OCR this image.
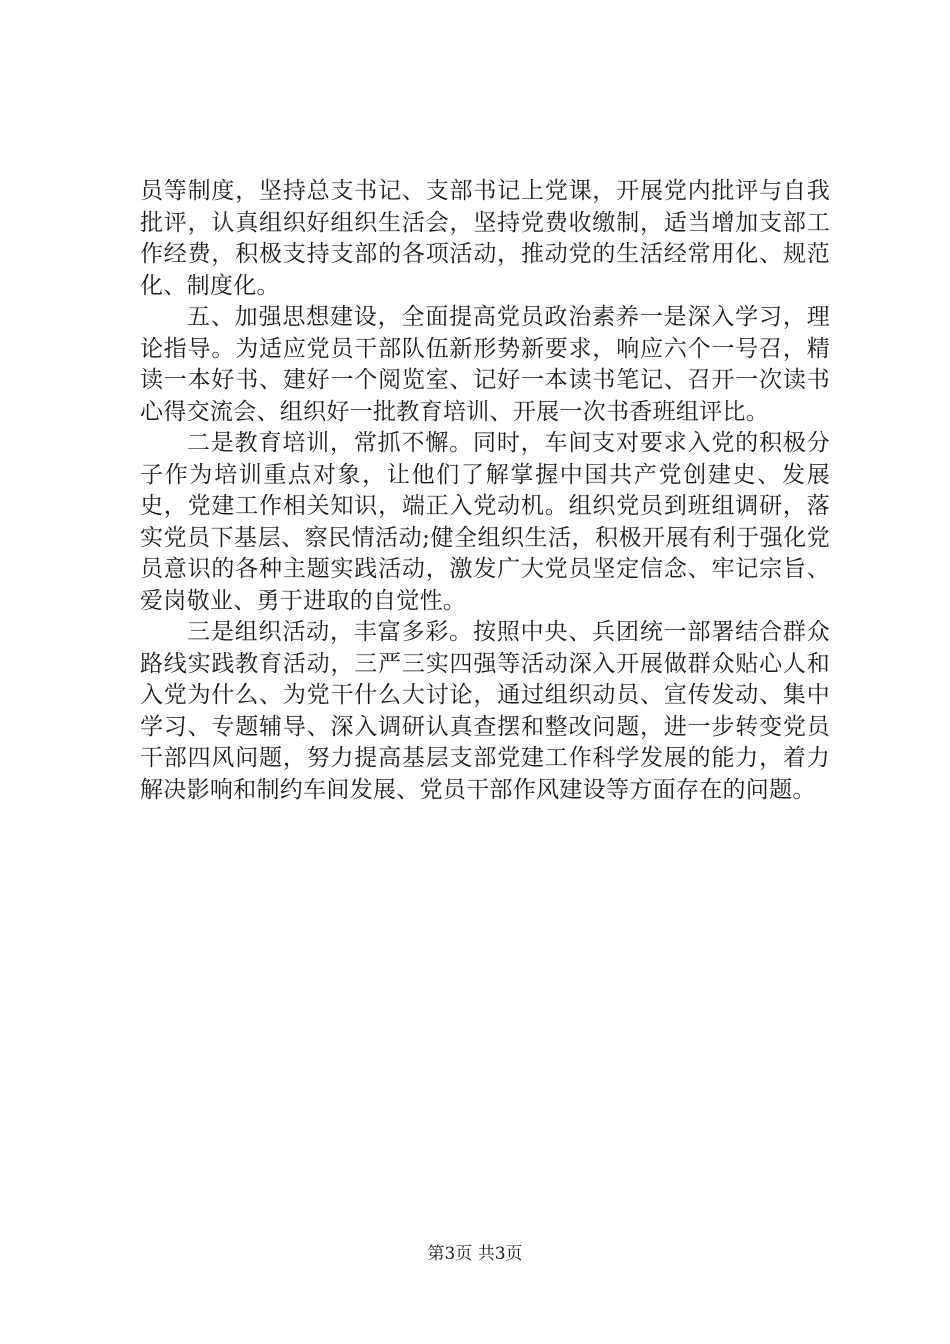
员等制度，坚持总支书记、支部书记上党课，开展党内批评与自我批评，认真组织好组织生活会，坚持党费收缴制，适当增加支部工作经费，积极支持支部的各项活动，推动党的生活经常用化、规范化、制度化。

五、加强思想建设，全面提高党员政治素养一是深入学习，理论指导。为适应党员干部队伍新形势新要求，响应六个一号召，精读一本好书、建好一个阅览室、记好一本读书笔记、召开一次读书心得交流会、组织好一批教育培训、开展一次书香班组评比。

二是教育培训，常抓不懈。同时，车间支对要求入党的积极分子作为培训重点对象，让他们了解掌握中国共产党创建史、发展史，党建工作相关知识，端正入党动机。组织党员到班组调研，落实党员下基层、察民情活动;健全组织生活，积极开展有利于强化党员意识的各种主题实践活动，激发广大党员坚定信念、牢记宗旨、爱岗敬业、勇于进取的自觉性。

三是组织活动，丰富多彩。按照中央、兵团统一部署结合群众路线实践教育活动，三严三实四强等活动深入开展做群众贴心人和入党为什么、为党干什么大讨论，通过组织动员、宣传发动、集中学习、专题辅导、深入调研认真查摆和整改问题，进一步转变党员干部四风问题，努力提高基层支部党建工作科学发展的能力，着力解决影响和制约车间发展、党员干部作风建设等方面存在的问题。

第3页 共3页
